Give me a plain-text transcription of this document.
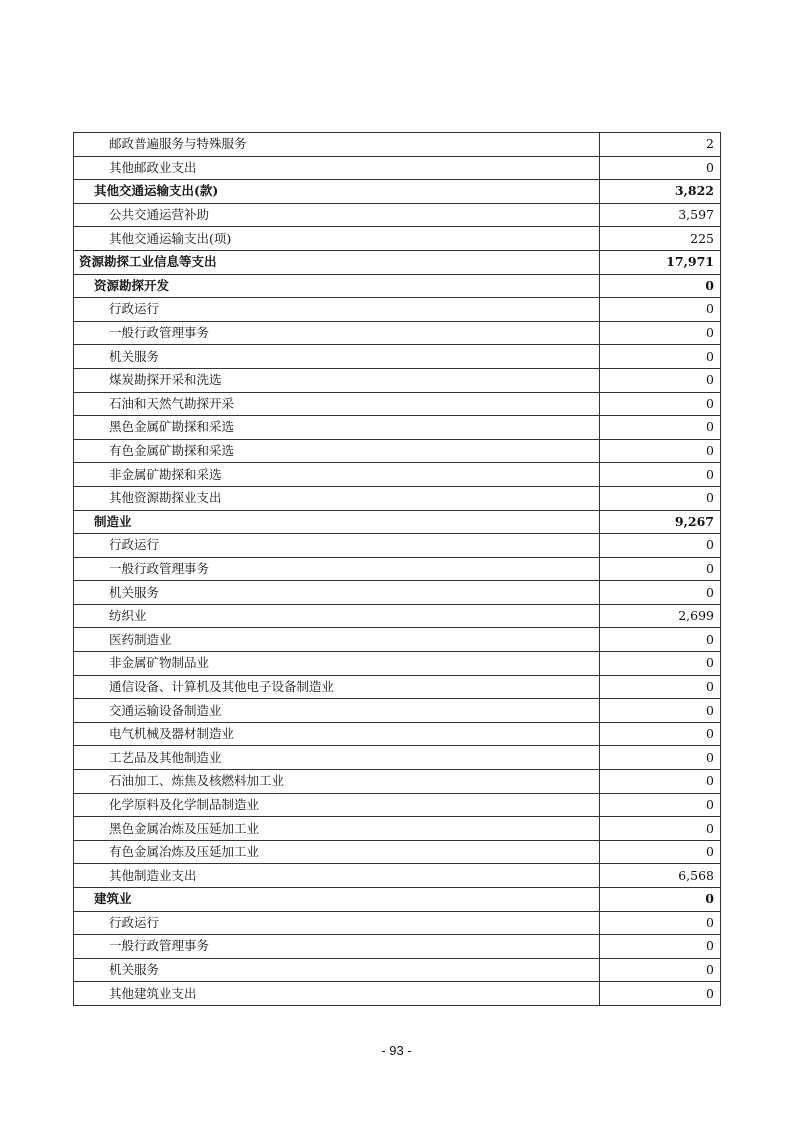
邮政普遍服务与特殊服务	2
其他邮政业支出	0
其他交通运输支出(款)	3,822
公共交通运营补助	3,597
其他交通运输支出(项)	225
资源勘探工业信息等支出	17,971
资源勘探开发	0
行政运行	0
一般行政管理事务	0
机关服务	0
煤炭勘探开采和洗选	0
石油和天然气勘探开采	0
黑色金属矿勘探和采选	0
有色金属矿勘探和采选	0
非金属矿勘探和采选	0
其他资源勘探业支出	0
制造业	9,267
行政运行	0
一般行政管理事务	0
机关服务	0
纺织业	2,699
医药制造业	0
非金属矿物制品业	0
通信设备、计算机及其他电子设备制造业	0
交通运输设备制造业	0
电气机械及器材制造业	0
工艺品及其他制造业	0
石油加工、炼焦及核燃料加工业	0
化学原料及化学制品制造业	0
黑色金属冶炼及压延加工业	0
有色金属冶炼及压延加工业	0
其他制造业支出	6,568
建筑业	0
行政运行	0
一般行政管理事务	0
机关服务	0
其他建筑业支出	0
- 93 -
